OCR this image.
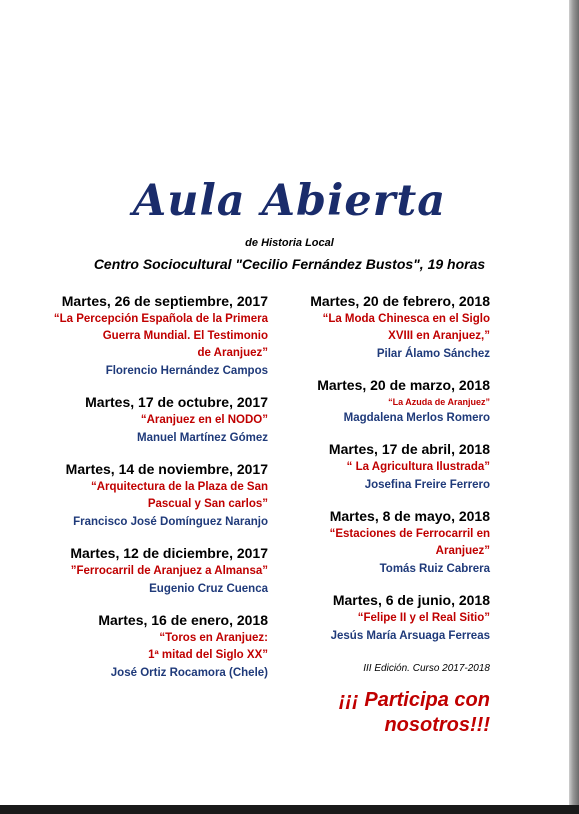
Aula Abierta
de Historia Local
Centro Sociocultural "Cecilio Fernández Bustos", 19 horas
Martes, 26 de septiembre, 2017
“La Percepción Española de la Primera
Guerra Mundial. El Testimonio
de Aranjuez”
Florencio Hernández Campos
Martes, 17 de octubre, 2017
“Aranjuez en el NODO”
Manuel Martínez Gómez
Martes, 14 de noviembre, 2017
“Arquitectura de la Plaza de San
Pascual y San carlos”
Francisco José Domínguez Naranjo
Martes, 12 de diciembre, 2017
”Ferrocarril de Aranjuez a Almansa”
Eugenio Cruz Cuenca
Martes, 16 de enero, 2018
“Toros en Aranjuez:
1ª mitad del Siglo XX”
José Ortiz Rocamora (Chele)
Martes, 20 de febrero, 2018
“La Moda Chinesca en el Siglo
XVIII en Aranjuez,”
Pilar Álamo Sánchez
Martes, 20 de marzo, 2018
“La Azuda de Aranjuez”
Magdalena Merlos Romero
Martes, 17 de abril, 2018
“ La Agricultura Ilustrada”
Josefina Freire Ferrero
Martes, 8 de mayo, 2018
“Estaciones de Ferrocarril en
Aranjuez”
Tomás Ruiz Cabrera
Martes, 6 de junio, 2018
“Felipe II y el Real Sitio”
Jesús María Arsuaga Ferreas
III Edición. Curso 2017-2018
¡¡¡ Participa con
nosotros!!!
